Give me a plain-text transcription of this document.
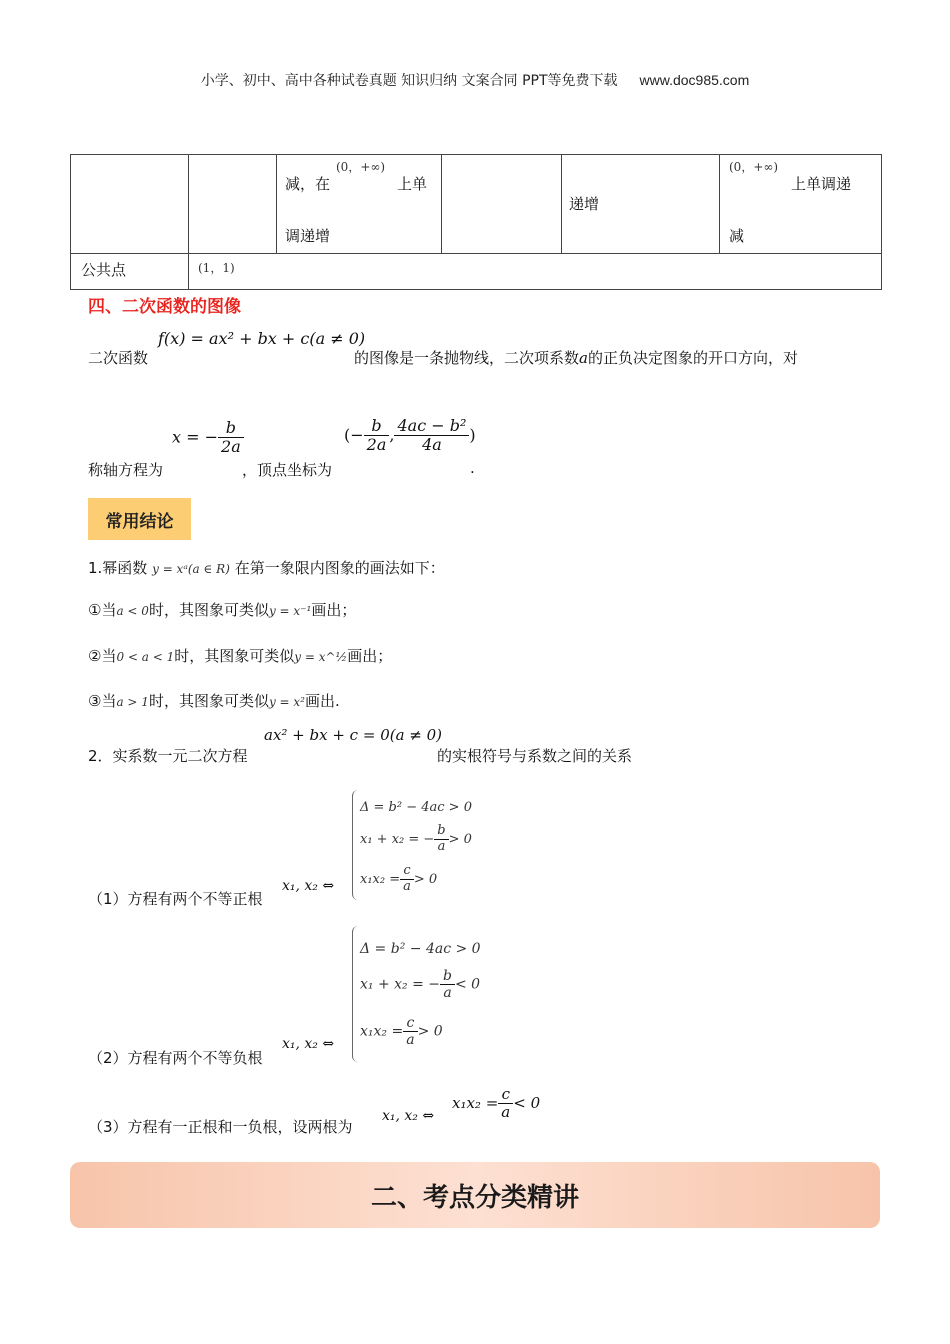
小学、初中、高中各种试卷真题 知识归纳 文案合同 PPT等免费下载 www.doc985.com
减，在
(0，+∞)
上单
调递增
递增
(0，+∞)
上单调递
减
公共点	(1，1)
四、二次函数的图像
二次函数
f(x) = ax² + bx + c(a ≠ 0)
的图像是一条抛物线，二次项系数a的正负决定图象的开口方向，对
称轴方程为
x = − $\frac{b}{2a}$
，顶点坐标为
(− $\frac{b}{2a}$ , $\frac{\text{4ac − b²}}{4a}$ )
.
常用结论
1.幂函数 y = xᵃ(a ∈ R) 在第一象限内图象的画法如下：
①当a < 0时，其图象可类似y = x⁻¹画出；
②当0 < a < 1时，其图象可类似y = x^½画出；
③当a > 1时，其图象可类似y = x²画出.
2．实系数一元二次方程
ax² + bx + c = 0(a ≠ 0)
的实根符号与系数之间的关系
（1）方程有两个不等正根
x₁, x₂ ⇔
Δ = b² − 4ac > 0
x₁ + x₂ = − $\frac{b}{a} > 0$
$x_1x_2 = \frac{c}{a} > 0$
（2）方程有两个不等负根
x₁, x₂ ⇔
Δ = b² − 4ac > 0
x₁ + x₂ = − $\frac{b}{a} < 0$
$x_1x_2 = \frac{c}{a} > 0$
（3）方程有一正根和一负根，设两根为
x₁, x₂ ⇔
$x_1x_2 = \frac{c}{a} < 0$
二、考点分类精讲
